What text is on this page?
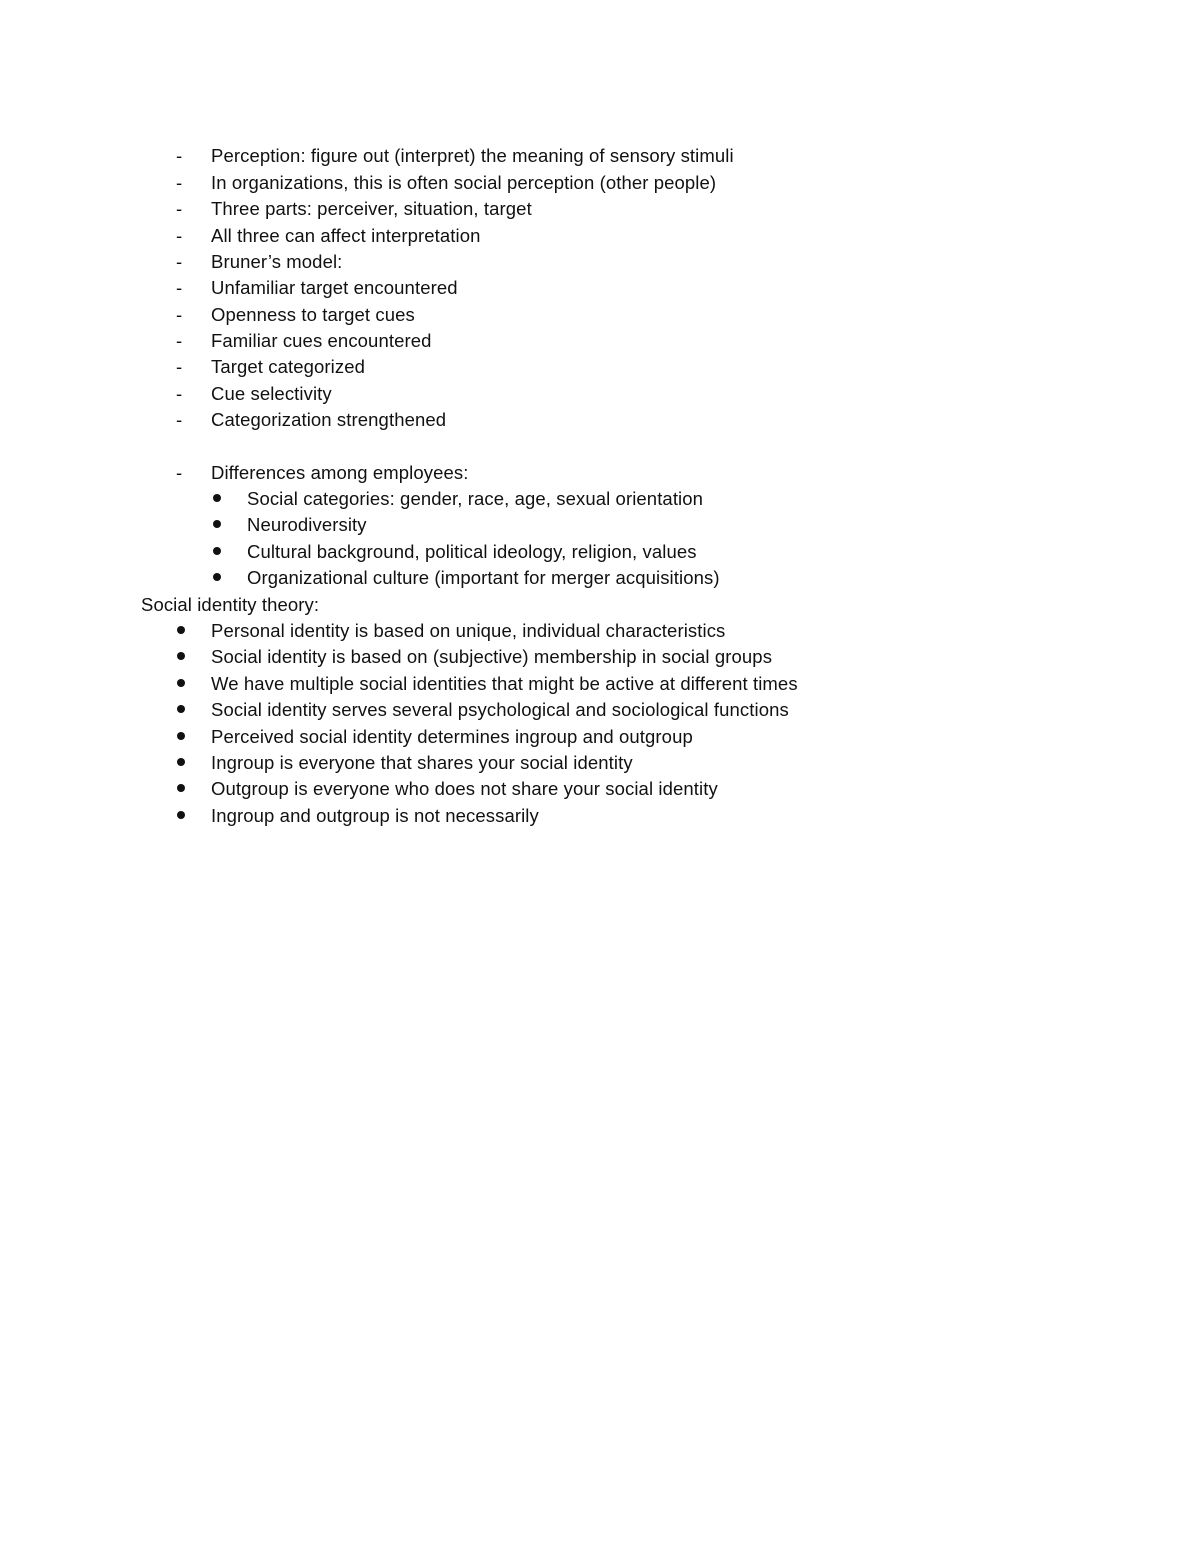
- Perception: figure out (interpret) the meaning of sensory stimuli
- In organizations, this is often social perception (other people)
- Three parts: perceiver, situation, target
- All three can affect interpretation
- Bruner’s model:
- Unfamiliar target encountered
- Openness to target cues
- Familiar cues encountered
- Target categorized
- Cue selectivity
- Categorization strengthened
- Differences among employees:
Social categories: gender, race, age, sexual orientation
Neurodiversity
Cultural background, political ideology, religion, values
Organizational culture (important for merger acquisitions)
Social identity theory:
Personal identity is based on unique, individual characteristics
Social identity is based on (subjective) membership in social groups
We have multiple social identities that might be active at different times
Social identity serves several psychological and sociological functions
Perceived social identity determines ingroup and outgroup
Ingroup is everyone that shares your social identity
Outgroup is everyone who does not share your social identity
Ingroup and outgroup is not necessarily
